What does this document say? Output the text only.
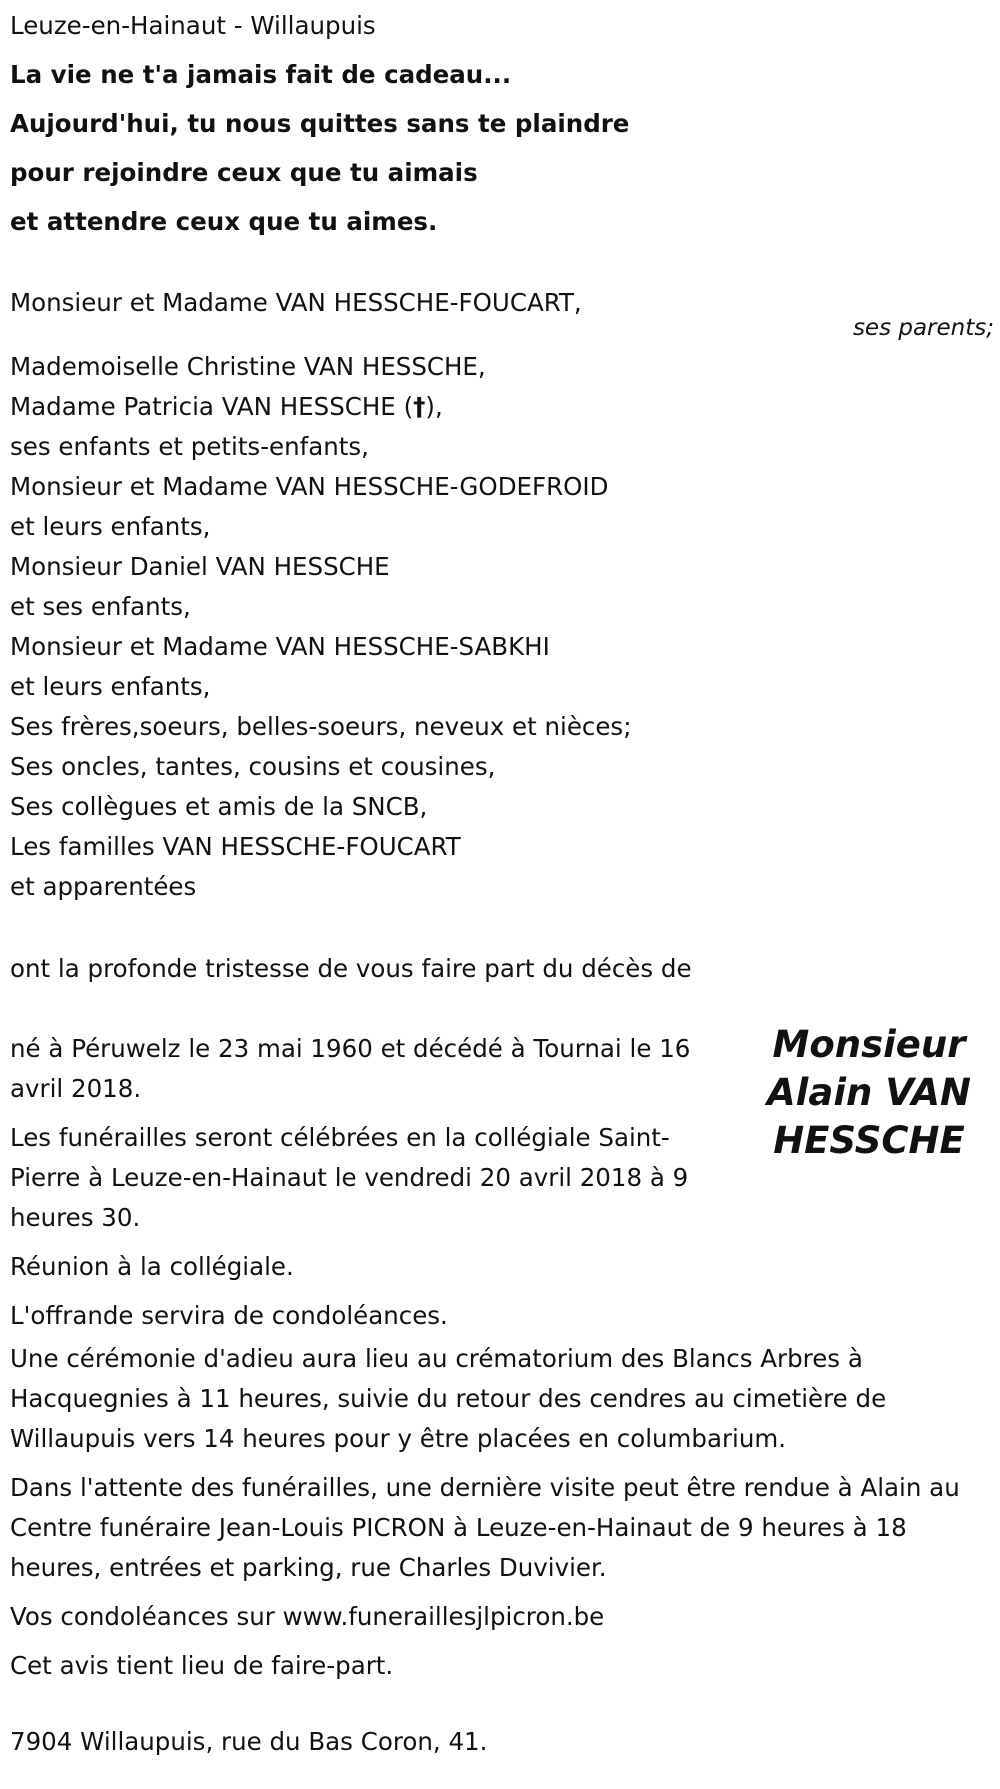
Leuze-en-Hainaut - Willaupuis
La vie ne t'a jamais fait de cadeau...
Aujourd'hui, tu nous quittes sans te plaindre
pour rejoindre ceux que tu aimais
et attendre ceux que tu aimes.
Monsieur et Madame VAN HESSCHE-FOUCART,
ses parents;
Mademoiselle Christine VAN HESSCHE,
Madame Patricia VAN HESSCHE (†),
ses enfants et petits-enfants,
Monsieur et Madame VAN HESSCHE-GODEFROID
et leurs enfants,
Monsieur Daniel VAN HESSCHE
et ses enfants,
Monsieur et Madame VAN HESSCHE-SABKHI
et leurs enfants,
Ses frères,soeurs, belles-soeurs, neveux et nièces;
Ses oncles, tantes, cousins et cousines,
Ses collègues et amis de la SNCB,
Les familles VAN HESSCHE-FOUCART
et apparentées
ont la profonde tristesse de vous faire part du décès de
Monsieur
Alain VAN
HESSCHE

né à Péruwelz le 23 mai 1960 et décédé à Tournai le 16 avril 2018.

Les funérailles seront célébrées en la collégiale Saint-Pierre à Leuze-en-Hainaut le vendredi 20 avril 2018 à 9 heures 30.

Réunion à la collégiale.

L'offrande servira de condoléances.

Une cérémonie d'adieu aura lieu au crématorium des Blancs Arbres à Hacquegnies à 11 heures, suivie du retour des cendres au cimetière de Willaupuis vers 14 heures pour y être placées en columbarium.

Dans l'attente des funérailles, une dernière visite peut être rendue à Alain au Centre funéraire Jean-Louis PICRON à Leuze-en-Hainaut de 9 heures à 18 heures, entrées et parking, rue Charles Duvivier.

Vos condoléances sur www.funeraillesjlpicron.be

Cet avis tient lieu de faire-part.

7904 Willaupuis, rue du Bas Coron, 41.
